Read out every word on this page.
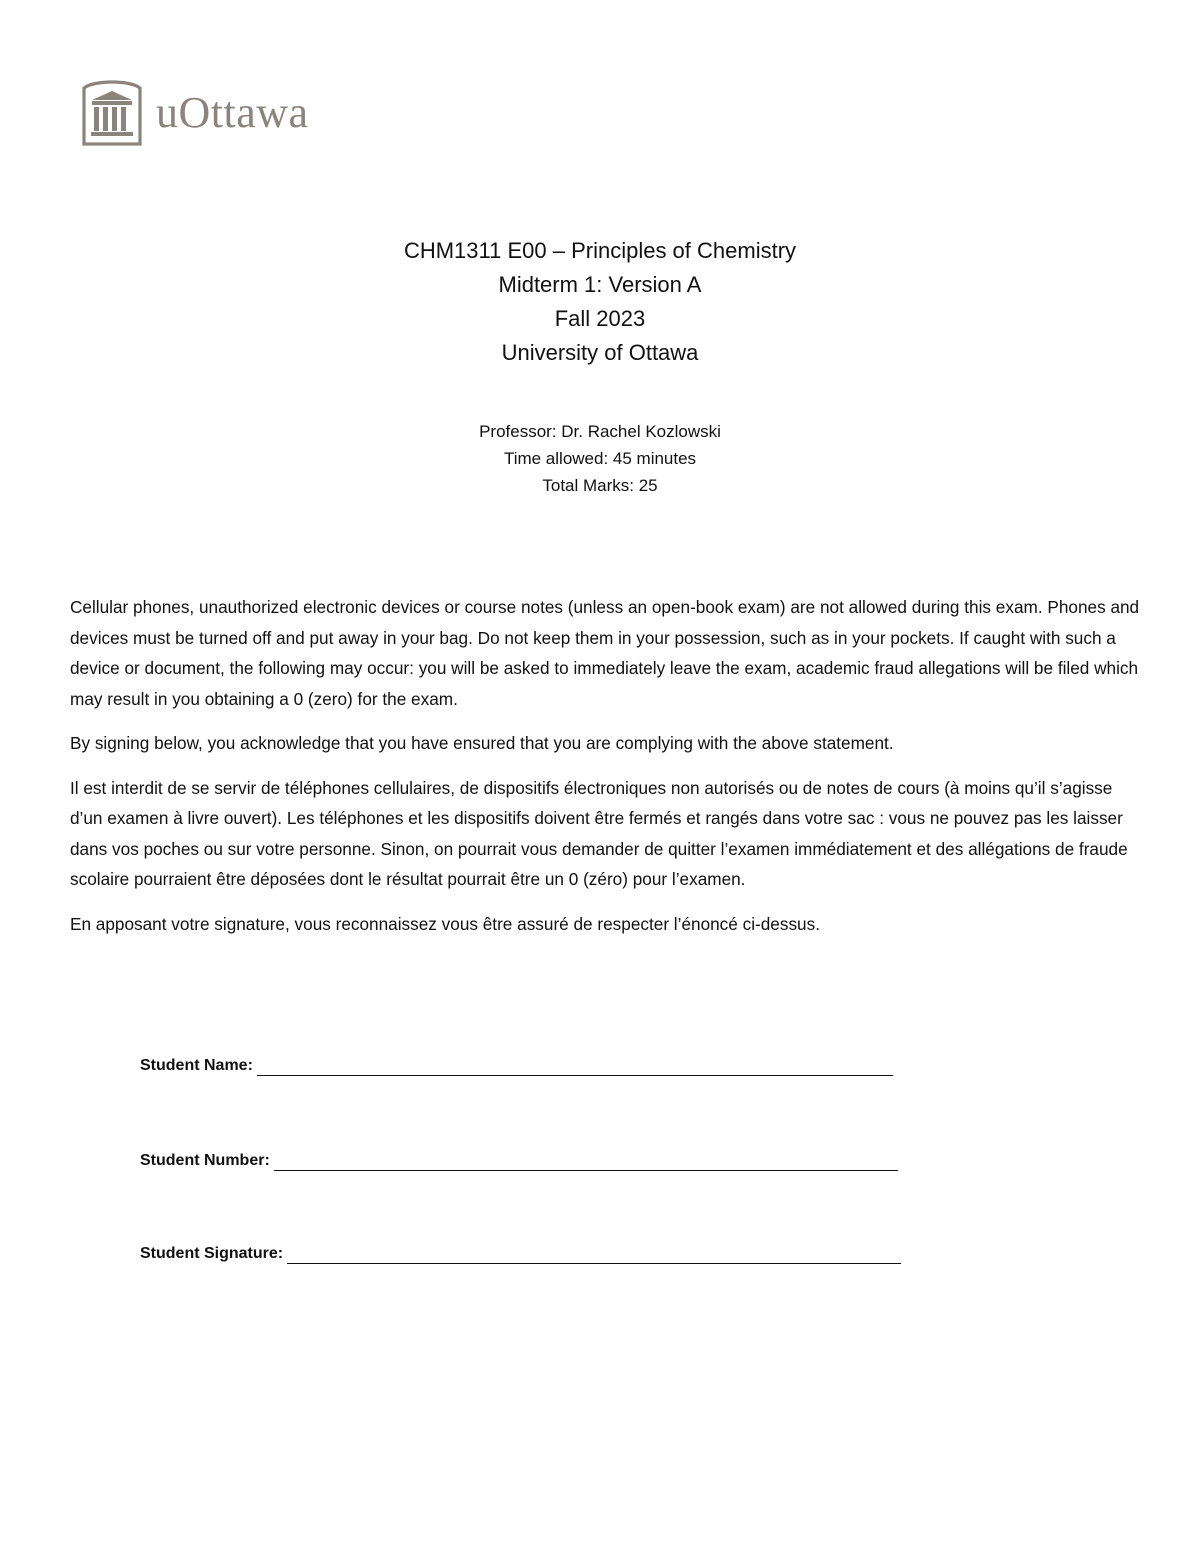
uOttawa
CHM1311 E00 – Principles of Chemistry
Midterm 1: Version A
Fall 2023
University of Ottawa
Professor: Dr. Rachel Kozlowski
Time allowed: 45 minutes
Total Marks: 25

Cellular phones, unauthorized electronic devices or course notes (unless an open-book exam) are not allowed during this exam. Phones and devices must be turned off and put away in your bag. Do not keep them in your possession, such as in your pockets. If caught with such a device or document, the following may occur: you will be asked to immediately leave the exam, academic fraud allegations will be filed which may result in you obtaining a 0 (zero) for the exam.

By signing below, you acknowledge that you have ensured that you are complying with the above statement.

Il est interdit de se servir de téléphones cellulaires, de dispositifs électroniques non autorisés ou de notes de cours (à moins qu’il s’agisse d’un examen à livre ouvert). Les téléphones et les dispositifs doivent être fermés et rangés dans votre sac : vous ne pouvez pas les laisser dans vos poches ou sur votre personne. Sinon, on pourrait vous demander de quitter l’examen immédiatement et des allégations de fraude scolaire pourraient être déposées dont le résultat pourrait être un 0 (zéro) pour l’examen.

En apposant votre signature, vous reconnaissez vous être assuré de respecter l’énoncé ci-dessus.

Student Name:
Student Number:
Student Signature:
